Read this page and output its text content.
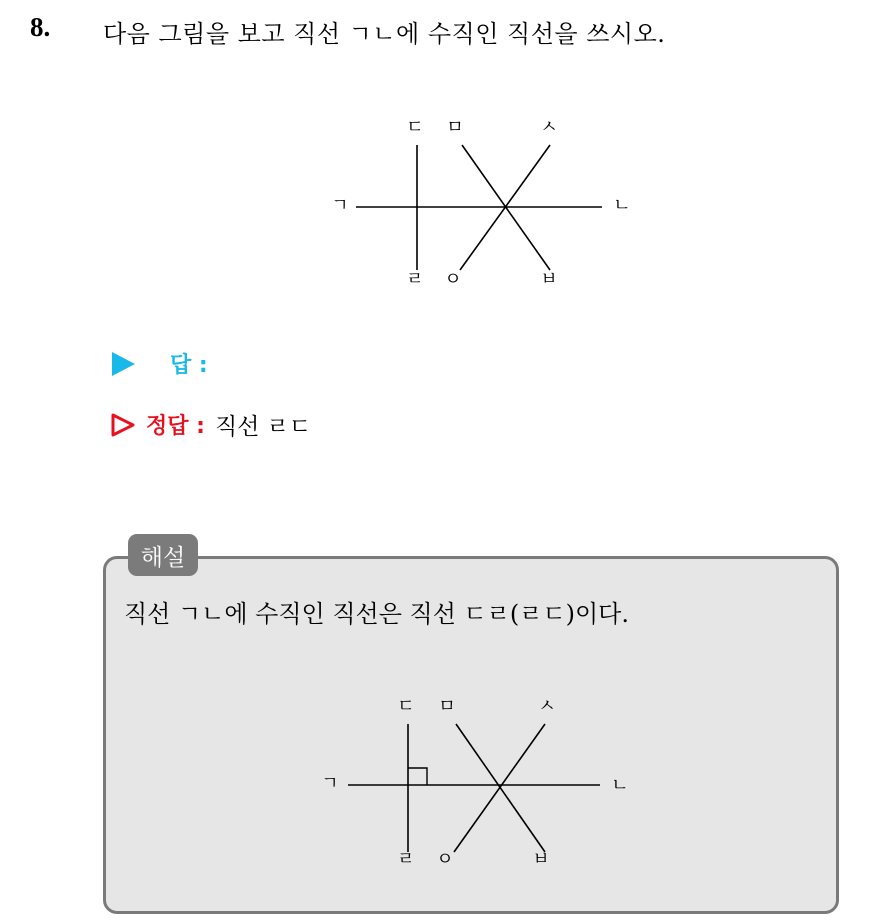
8. 다음 그림을 보고 직선 ㄱㄴ에 수직인 직선을 쓰시오.
ㄱ	ㄴ
ㄷ ㅁ	ㅅ
ㄹ ㅇ	ㅂ
답 :
정답 : 직선 ㄹㄷ
해설
직선 ㄱㄴ에 수직인 직선은 직선 ㄷㄹ(ㄹㄷ)이다.
ㄱ	ㄴ
ㄷ ㅁ	ㅅ
ㄹ ㅇ	ㅂ
